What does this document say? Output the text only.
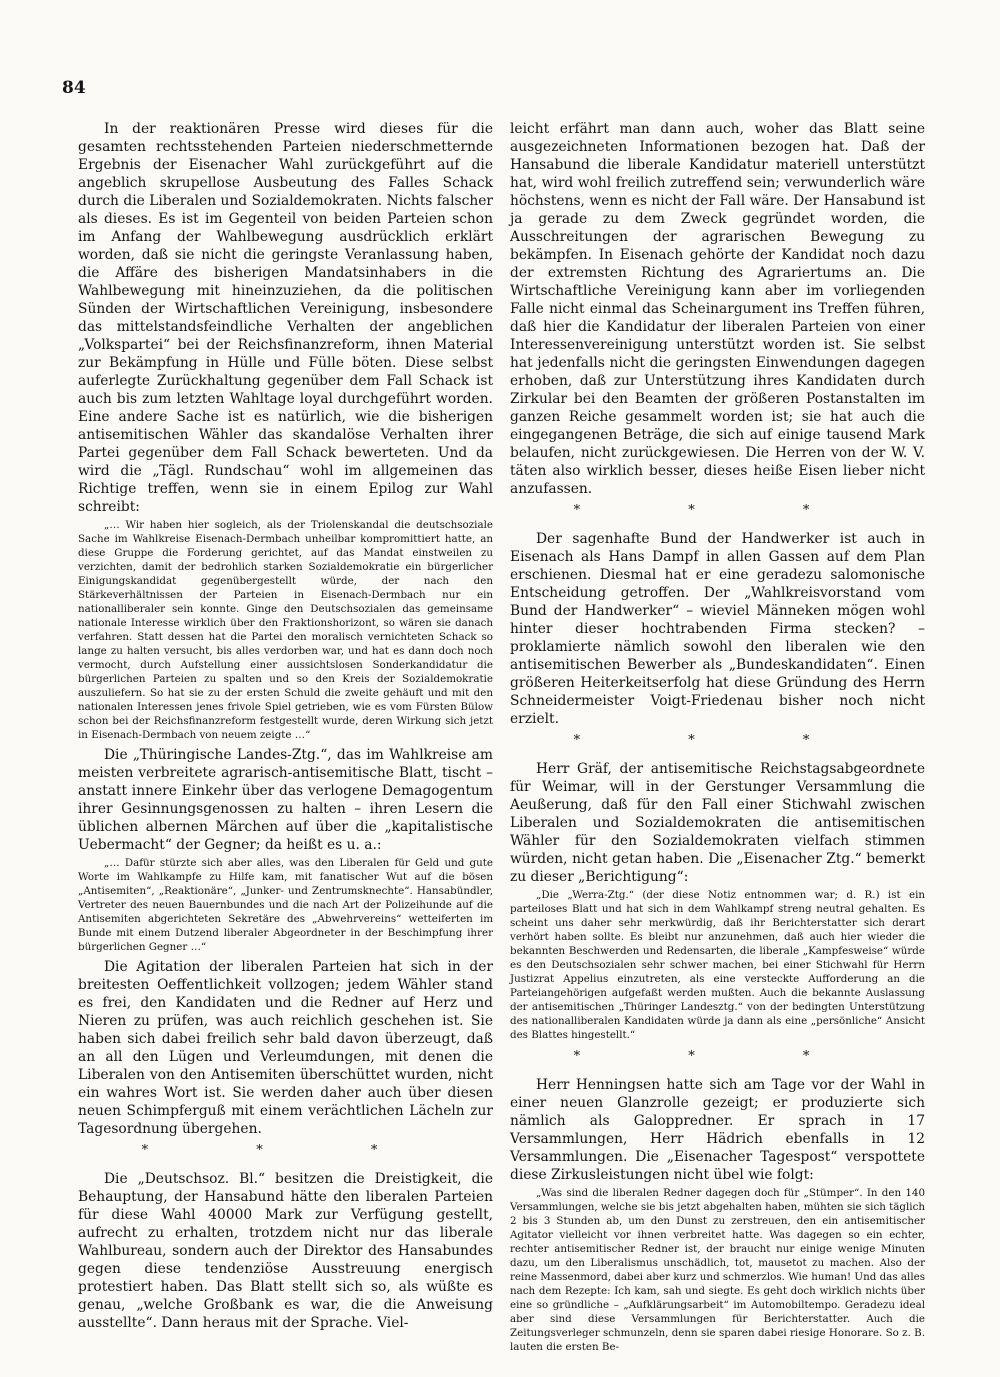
84

In der reaktionären Presse wird dieses für die gesamten rechtsstehenden Parteien niederschmetternde Ergebnis der Eisenacher Wahl zurückgeführt auf die angeblich skrupellose Ausbeutung des Falles Schack durch die Liberalen und Sozialdemokraten. Nichts falscher als dieses. Es ist im Gegenteil von beiden Parteien schon im Anfang der Wahlbewegung ausdrücklich erklärt worden, daß sie nicht die geringste Veranlassung haben, die Affäre des bisherigen Mandatsinhabers in die Wahlbewegung mit hineinzuziehen, da die politischen Sünden der Wirtschaftlichen Vereinigung, insbesondere das mittelstandsfeindliche Verhalten der angeblichen „Volkspartei“ bei der Reichsfinanzreform, ihnen Material zur Bekämpfung in Hülle und Fülle böten. Diese selbst auferlegte Zurückhaltung gegenüber dem Fall Schack ist auch bis zum letzten Wahltage loyal durchgeführt worden. Eine andere Sache ist es natürlich, wie die bisherigen antisemitischen Wähler das skandalöse Verhalten ihrer Partei gegenüber dem Fall Schack bewerteten. Und da wird die „Tägl. Rundschau“ wohl im allgemeinen das Richtige treffen, wenn sie in einem Epilog zur Wahl schreibt:

„… Wir haben hier sogleich, als der Triolenskandal die deutschsoziale Sache im Wahlkreise Eisenach-Dermbach unheilbar kompromittiert hatte, an diese Gruppe die Forderung gerichtet, auf das Mandat einstweilen zu verzichten, damit der bedrohlich starken Sozialdemokratie ein bürgerlicher Einigungskandidat gegenübergestellt würde, der nach den Stärkeverhältnissen der Parteien in Eisenach-Dermbach nur ein nationalliberaler sein konnte. Ginge den Deutschsozialen das gemeinsame nationale Interesse wirklich über den Fraktionshorizont, so wären sie danach verfahren. Statt dessen hat die Partei den moralisch vernichteten Schack so lange zu halten versucht, bis alles verdorben war, und hat es dann doch noch vermocht, durch Aufstellung einer aussichtslosen Sonderkandidatur die bürgerlichen Parteien zu spalten und so den Kreis der Sozialdemokratie auszuliefern. So hat sie zu der ersten Schuld die zweite gehäuft und mit den nationalen Interessen jenes frivole Spiel getrieben, wie es vom Fürsten Bülow schon bei der Reichsfinanzreform festgestellt wurde, deren Wirkung sich jetzt in Eisenach-Dermbach von neuem zeigte …“

Die „Thüringische Landes-Ztg.“, das im Wahlkreise am meisten verbreitete agrarisch-antisemitische Blatt, tischt – anstatt innere Einkehr über das verlogene Demagogentum ihrer Gesinnungsgenossen zu halten – ihren Lesern die üblichen albernen Märchen auf über die „kapitalistische Uebermacht“ der Gegner; da heißt es u. a.:

„… Dafür stürzte sich aber alles, was den Liberalen für Geld und gute Worte im Wahlkampfe zu Hilfe kam, mit fanatischer Wut auf die bösen „Antisemiten“, „Reaktionäre“, „Junker- und Zentrumsknechte“. Hansabündler, Vertreter des neuen Bauernbundes und die nach Art der Polizeihunde auf die Antisemiten abgerichteten Sekretäre des „Abwehrvereins“ wetteiferten im Bunde mit einem Dutzend liberaler Abgeordneter in der Beschimpfung ihrer bürgerlichen Gegner …“

Die Agitation der liberalen Parteien hat sich in der breitesten Oeffentlichkeit vollzogen; jedem Wähler stand es frei, den Kandidaten und die Redner auf Herz und Nieren zu prüfen, was auch reichlich geschehen ist. Sie haben sich dabei freilich sehr bald davon überzeugt, daß an all den Lügen und Verleumdungen, mit denen die Liberalen von den Antisemiten überschüttet wurden, nicht ein wahres Wort ist. Sie werden daher auch über diesen neuen Schimpferguß mit einem verächtlichen Lächeln zur Tagesordnung übergehen.

* * *

Die „Deutschsoz. Bl.“ besitzen die Dreistigkeit, die Behauptung, der Hansabund hätte den liberalen Parteien für diese Wahl 40000 Mark zur Verfügung gestellt, aufrecht zu erhalten, trotzdem nicht nur das liberale Wahlbureau, sondern auch der Direktor des Hansabundes gegen diese tendenziöse Ausstreuung energisch protestiert haben. Das Blatt stellt sich so, als wüßte es genau, „welche Großbank es war, die die Anweisung ausstellte“. Dann heraus mit der Sprache. Viel-

leicht erfährt man dann auch, woher das Blatt seine ausgezeichneten Informationen bezogen hat. Daß der Hansabund die liberale Kandidatur materiell unterstützt hat, wird wohl freilich zutreffend sein; verwunderlich wäre höchstens, wenn es nicht der Fall wäre. Der Hansabund ist ja gerade zu dem Zweck gegründet worden, die Ausschreitungen der agrarischen Bewegung zu bekämpfen. In Eisenach gehörte der Kandidat noch dazu der extremsten Richtung des Agrariertums an. Die Wirtschaftliche Vereinigung kann aber im vorliegenden Falle nicht einmal das Scheinargument ins Treffen führen, daß hier die Kandidatur der liberalen Parteien von einer Interessenvereinigung unterstützt worden ist. Sie selbst hat jedenfalls nicht die geringsten Einwendungen dagegen erhoben, daß zur Unterstützung ihres Kandidaten durch Zirkular bei den Beamten der größeren Postanstalten im ganzen Reiche gesammelt worden ist; sie hat auch die eingegangenen Beträge, die sich auf einige tausend Mark belaufen, nicht zurückgewiesen. Die Herren von der W. V. täten also wirklich besser, dieses heiße Eisen lieber nicht anzufassen.

* * *

Der sagenhafte Bund der Handwerker ist auch in Eisenach als Hans Dampf in allen Gassen auf dem Plan erschienen. Diesmal hat er eine geradezu salomonische Entscheidung getroffen. Der „Wahlkreisvorstand vom Bund der Handwerker“ – wieviel Männeken mögen wohl hinter dieser hochtrabenden Firma stecken? – proklamierte nämlich sowohl den liberalen wie den antisemitischen Bewerber als „Bundeskandidaten“. Einen größeren Heiterkeitserfolg hat diese Gründung des Herrn Schneidermeister Voigt-Friedenau bisher noch nicht erzielt.

* * *

Herr Gräf, der antisemitische Reichstagsabgeordnete für Weimar, will in der Gerstunger Versammlung die Aeußerung, daß für den Fall einer Stichwahl zwischen Liberalen und Sozialdemokraten die antisemitischen Wähler für den Sozialdemokraten vielfach stimmen würden, nicht getan haben. Die „Eisenacher Ztg.“ bemerkt zu dieser „Berichtigung“:

„Die „Werra-Ztg.“ (der diese Notiz entnommen war; d. R.) ist ein parteiloses Blatt und hat sich in dem Wahlkampf streng neutral gehalten. Es scheint uns daher sehr merkwürdig, daß ihr Berichterstatter sich derart verhört haben sollte. Es bleibt nur anzunehmen, daß auch hier wieder die bekannten Beschwerden und Redensarten, die liberale „Kampfesweise“ würde es den Deutschsozialen sehr schwer machen, bei einer Stichwahl für Herrn Justizrat Appelius einzutreten, als eine versteckte Aufforderung an die Parteiangehörigen aufgefaßt werden mußten. Auch die bekannte Auslassung der antisemitischen „Thüringer Landesztg.“ von der bedingten Unterstützung des nationalliberalen Kandidaten würde ja dann als eine „persönliche“ Ansicht des Blattes hingestellt.“

* * *

Herr Henningsen hatte sich am Tage vor der Wahl in einer neuen Glanzrolle gezeigt; er produzierte sich nämlich als Galoppredner. Er sprach in 17 Versammlungen, Herr Hädrich ebenfalls in 12 Versammlungen. Die „Eisenacher Tagespost“ verspottete diese Zirkusleistungen nicht übel wie folgt:

„Was sind die liberalen Redner dagegen doch für „Stümper“. In den 140 Versammlungen, welche sie bis jetzt abgehalten haben, mühten sie sich täglich 2 bis 3 Stunden ab, um den Dunst zu zerstreuen, den ein antisemitischer Agitator vielleicht vor ihnen verbreitet hatte. Was dagegen so ein echter, rechter antisemitischer Redner ist, der braucht nur einige wenige Minuten dazu, um den Liberalismus unschädlich, tot, mausetot zu machen. Also der reine Massenmord, dabei aber kurz und schmerzlos. Wie human! Und das alles nach dem Rezepte: Ich kam, sah und siegte. Es geht doch wirklich nichts über eine so gründliche – „Aufklärungsarbeit“ im Automobiltempo. Geradezu ideal aber sind diese Versammlungen für Berichterstatter. Auch die Zeitungsverleger schmunzeln, denn sie sparen dabei riesige Honorare. So z. B. lauten die ersten Be-
